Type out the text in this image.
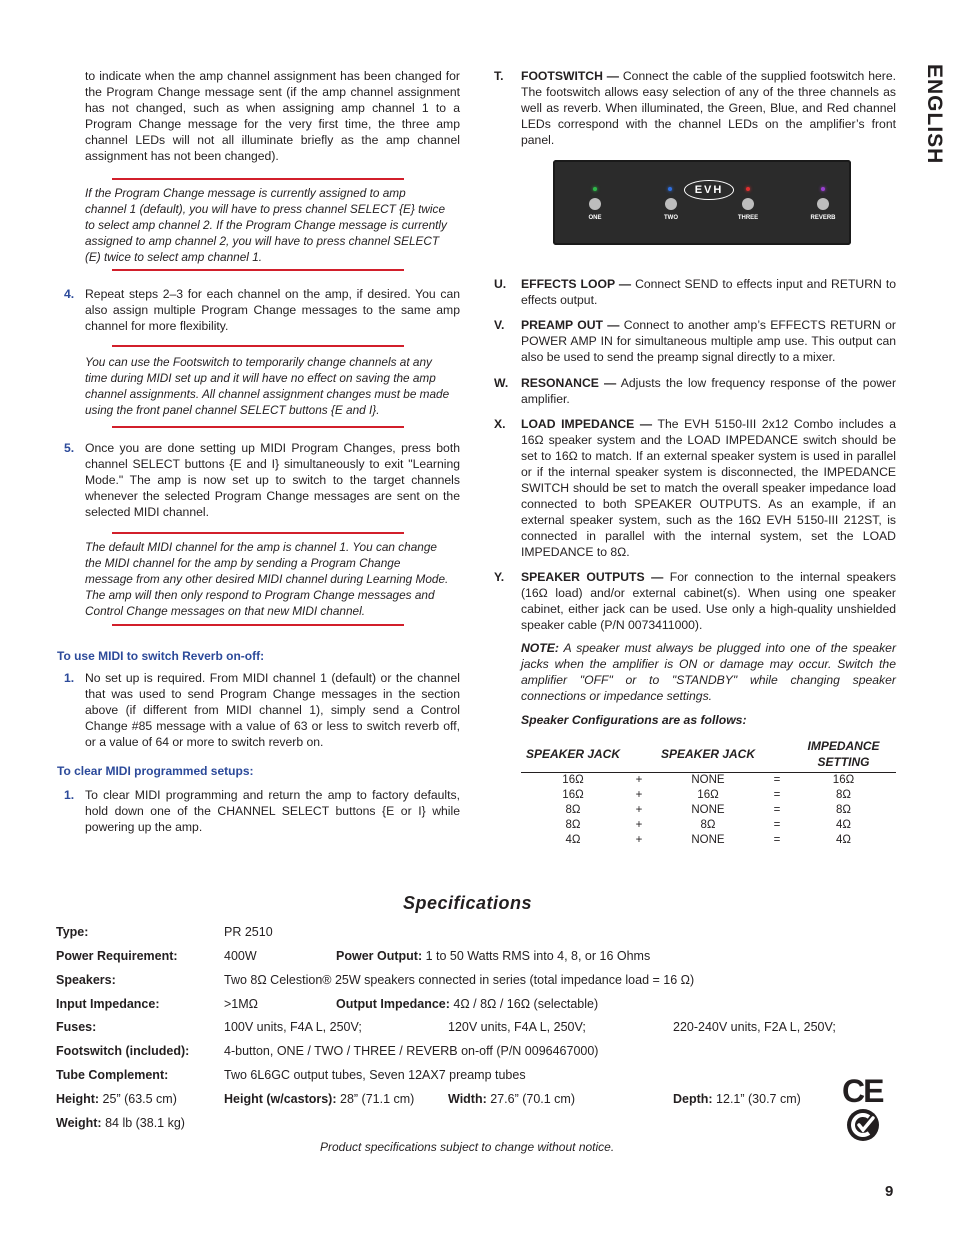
ENGLISH
9
to indicate when the amp channel assignment has been changed for the Program Change message sent (if the amp channel assignment has not changed, such as when assigning amp channel 1 to a Program Change message for the very first time, the three amp channel LEDs will not all illuminate briefly as the amp channel assignment has not been changed).
If the Program Change message is currently assigned to amp channel 1 (default), you will have to press channel SELECT {E} twice to select amp channel 2. If the Program Change message is currently assigned to amp channel 2, you will have to press channel SELECT (E) twice to select amp channel 1.
4. Repeat steps 2–3 for each channel on the amp, if desired. You can also assign multiple Program Change messages to the same amp channel for more flexibility.
You can use the Footswitch to temporarily change channels at any time during MIDI set up and it will have no effect on saving the amp channel assignments. All channel assignment changes must be made using the front panel channel SELECT buttons {E and I}.
5. Once you are done setting up MIDI Program Changes, press both channel SELECT buttons {E and I} simultaneously to exit "Learning Mode." The amp is now set up to switch to the target channels whenever the selected Program Change messages are sent on the selected MIDI channel.
The default MIDI channel for the amp is channel 1. You can change the MIDI channel for the amp by sending a Program Change message from any other desired MIDI channel during Learning Mode. The amp will then only respond to Program Change messages and Control Change messages on that new MIDI channel.
To use MIDI to switch Reverb on-off:
1. No set up is required. From MIDI channel 1 (default) or the channel that was used to send Program Change messages in the section above (if different from MIDI channel 1), simply send a Control Change #85 message with a value of 63 or less to switch reverb off, or a value of 64 or more to switch reverb on.
To clear MIDI programmed setups:
1. To clear MIDI programming and return the amp to factory defaults, hold down one of the CHANNEL SELECT buttons {E or I} while powering up the amp.
T. FOOTSWITCH — Connect the cable of the supplied footswitch here. The footswitch allows easy selection of any of the three channels as well as reverb. When illuminated, the Green, Blue, and Red channel LEDs correspond with the channel LEDs on the amplifier’s front panel.
ONE	TWO	THREE	REVERB
EVH
U. EFFECTS LOOP — Connect SEND to effects input and RETURN to effects output.
V. PREAMP OUT — Connect to another amp’s EFFECTS RETURN or POWER AMP IN for simultaneous multiple amp use. This output can also be used to send the preamp signal directly to a mixer.
W. RESONANCE — Adjusts the low frequency response of the power amplifier.
X. LOAD IMPEDANCE — The EVH 5150-III 2x12 Combo includes a 16Ω speaker system and the LOAD IMPEDANCE switch should be set to 16Ω to match. If an external speaker system is used in parallel or if the internal speaker system is disconnected, the IMPEDANCE SWITCH should be set to match the overall speaker impedance load connected to both SPEAKER OUTPUTS. As an example, if an external speaker system, such as the 16Ω EVH 5150-III 212ST, is connected in parallel with the internal system, set the LOAD IMPEDANCE to 8Ω.
Y. SPEAKER OUTPUTS — For connection to the internal speakers (16Ω load) and/or external cabinet(s). When using one speaker cabinet, either jack can be used. Use only a high-quality unshielded speaker cable (P/N 0073411000).
NOTE: A speaker must always be plugged into one of the speaker jacks when the amplifier is ON or damage may occur. Switch the amplifier "OFF" or to "STANDBY" while changing speaker connections or impedance settings.
Speaker Configurations are as follows:
SPEAKER JACK		SPEAKER JACK		IMPEDANCE SETTING
16Ω	+	NONE	=	16Ω
16Ω	+	16Ω	=	8Ω
8Ω	+	NONE	=	8Ω
8Ω	+	8Ω	=	4Ω
4Ω	+	NONE	=	4Ω
Specifications
Type:	PR 2510
Power Requirement:	400W	Power Output: 1 to 50 Watts RMS into 4, 8, or 16 Ohms
Speakers:	Two 8Ω Celestion® 25W speakers connected in series (total impedance load = 16 Ω)
Input Impedance:	>1MΩ	Output Impedance: 4Ω / 8Ω / 16Ω (selectable)
Fuses:	100V units, F4A L, 250V;	120V units, F4A L, 250V;	220-240V units, F2A L, 250V;
Footswitch (included):	4-button, ONE / TWO / THREE / REVERB on-off (P/N 0096467000)
Tube Complement:	Two 6L6GC output tubes, Seven 12AX7 preamp tubes
Height: 25” (63.5 cm)	Height (w/castors): 28” (71.1 cm)	Width: 27.6” (70.1 cm)	Depth: 12.1” (30.7 cm)
Weight: 84 lb (38.1 kg)
Product specifications subject to change without notice.
CE
